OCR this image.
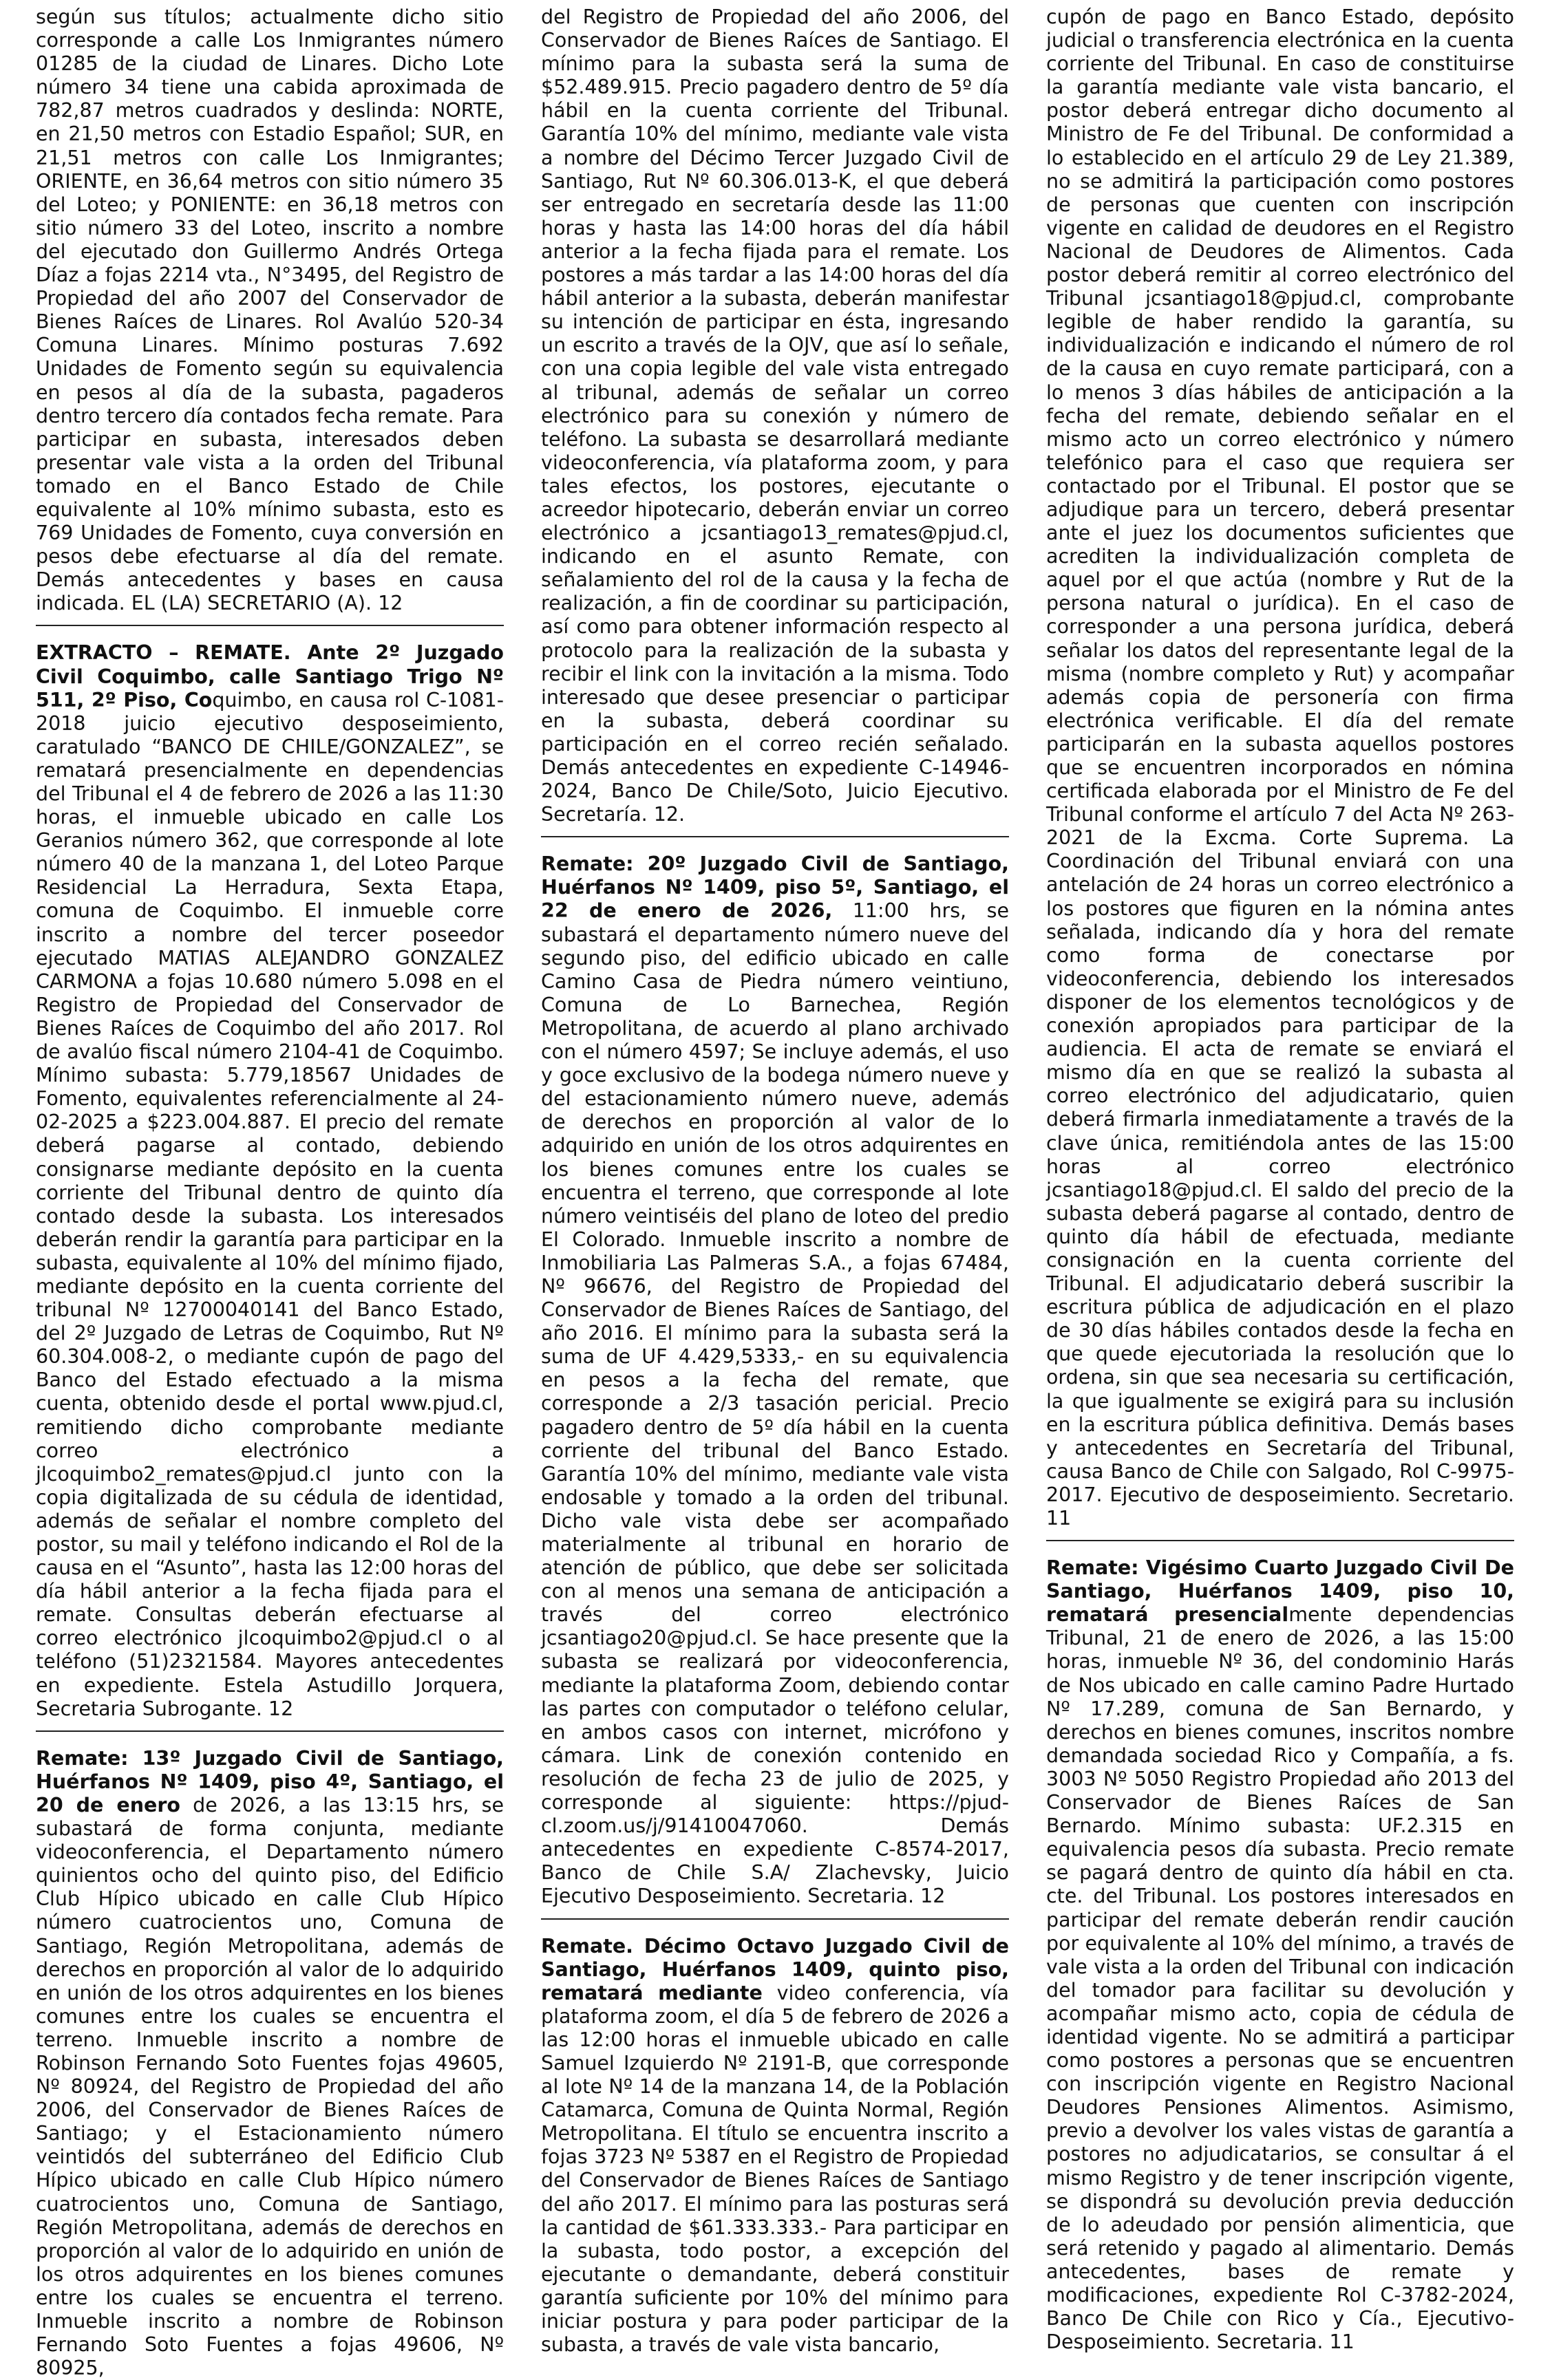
según sus títulos; actualmente dicho sitio corresponde a calle Los Inmigrantes número 01285 de la ciudad de Linares. Dicho Lote número 34 tiene una cabida aproximada de 782,87 metros cuadrados y deslinda: NORTE, en 21,50 metros con Estadio Español; SUR, en 21,51 metros con calle Los Inmigrantes; ORIENTE, en 36,64 metros con sitio número 35 del Loteo; y PONIENTE: en 36,18 metros con sitio número 33 del Loteo, inscrito a nombre del ejecutado don Guillermo Andrés Ortega Díaz a fojas 2214 vta., N°3495, del Registro de Propiedad del año 2007 del Conservador de Bienes Raíces de Linares. Rol Avalúo 520-34 Comuna Linares. Mínimo posturas 7.692 Unidades de Fomento según su equivalencia en pesos al día de la subasta, pagaderos dentro tercero día contados fecha remate. Para participar en subasta, interesados deben presentar vale vista a la orden del Tribunal tomado en el Banco Estado de Chile equivalente al 10% mínimo subasta, esto es 769 Unidades de Fomento, cuya conversión en pesos debe efectuarse al día del remate. Demás antecedentes y bases en causa indicada. EL (LA) SECRETARIO (A). 12

EXTRACTO – REMATE. Ante 2º Juzgado Civil Coquimbo, calle Santiago Trigo Nº 511, 2º Piso, Coquimbo, en causa rol C-1081-2018 juicio ejecutivo desposeimiento, caratulado “BANCO DE CHILE/GONZALEZ”, se rematará presencialmente en dependencias del Tribunal el 4 de febrero de 2026 a las 11:30 horas, el inmueble ubicado en calle Los Geranios número 362, que corresponde al lote número 40 de la manzana 1, del Loteo Parque Residencial La Herradura, Sexta Etapa, comuna de Coquimbo. El inmueble corre inscrito a nombre del tercer poseedor ejecutado MATIAS ALEJANDRO GONZALEZ CARMONA a fojas 10.680 número 5.098 en el Registro de Propiedad del Conservador de Bienes Raíces de Coquimbo del año 2017. Rol de avalúo fiscal número 2104-41 de Coquimbo. Mínimo subasta: 5.779,18567 Unidades de Fomento, equivalentes referencialmente al 24-02-2025 a $223.004.887. El precio del remate deberá pagarse al contado, debiendo consignarse mediante depósito en la cuenta corriente del Tribunal dentro de quinto día contado desde la subasta. Los interesados deberán rendir la garantía para participar en la subasta, equivalente al 10% del mínimo fijado, mediante depósito en la cuenta corriente del tribunal Nº 12700040141 del Banco Estado, del 2º Juzgado de Letras de Coquimbo, Rut Nº 60.304.008-2, o mediante cupón de pago del Banco del Estado efectuado a la misma cuenta, obtenido desde el portal www.pjud.cl, remitiendo dicho comprobante mediante correo electrónico a jlcoquimbo2_remates@pjud.cl junto con la copia digitalizada de su cédula de identidad, además de señalar el nombre completo del postor, su mail y teléfono indicando el Rol de la causa en el “Asunto”, hasta las 12:00 horas del día hábil anterior a la fecha fijada para el remate. Consultas deberán efectuarse al correo electrónico jlcoquimbo2@pjud.cl o al teléfono (51)2321584. Mayores antecedentes en expediente. Estela Astudillo Jorquera, Secretaria Subrogante. 12

Remate: 13º Juzgado Civil de Santiago, Huérfanos Nº 1409, piso 4º, Santiago, el 20 de enero de 2026, a las 13:15 hrs, se subastará de forma conjunta, mediante videoconferencia, el Departamento número quinientos ocho del quinto piso, del Edificio Club Hípico ubicado en calle Club Hípico número cuatrocientos uno, Comuna de Santiago, Región Metropolitana, además de derechos en proporción al valor de lo adquirido en unión de los otros adquirentes en los bienes comunes entre los cuales se encuentra el terreno. Inmueble inscrito a nombre de Robinson Fernando Soto Fuentes fojas 49605, Nº 80924, del Registro de Propiedad del año 2006, del Conservador de Bienes Raíces de Santiago; y el Estacionamiento número veintidós del subterráneo del Edificio Club Hípico ubicado en calle Club Hípico número cuatrocientos uno, Comuna de Santiago, Región Metropolitana, además de derechos en proporción al valor de lo adquirido en unión de los otros adquirentes en los bienes comunes entre los cuales se encuentra el terreno. Inmueble inscrito a nombre de Robinson Fernando Soto Fuentes a fojas 49606, Nº 80925,

del Registro de Propiedad del año 2006, del Conservador de Bienes Raíces de Santiago. El mínimo para la subasta será la suma de $52.489.915. Precio pagadero dentro de 5º día hábil en la cuenta corriente del Tribunal. Garantía 10% del mínimo, mediante vale vista a nombre del Décimo Tercer Juzgado Civil de Santiago, Rut Nº 60.306.013-K, el que deberá ser entregado en secretaría desde las 11:00 horas y hasta las 14:00 horas del día hábil anterior a la fecha fijada para el remate. Los postores a más tardar a las 14:00 horas del día hábil anterior a la subasta, deberán manifestar su intención de participar en ésta, ingresando un escrito a través de la OJV, que así lo señale, con una copia legible del vale vista entregado al tribunal, además de señalar un correo electrónico para su conexión y número de teléfono. La subasta se desarrollará mediante videoconferencia, vía plataforma zoom, y para tales efectos, los postores, ejecutante o acreedor hipotecario, deberán enviar un correo electrónico a jcsantiago13_remates@pjud.cl, indicando en el asunto Remate, con señalamiento del rol de la causa y la fecha de realización, a fin de coordinar su participación, así como para obtener información respecto al protocolo para la realización de la subasta y recibir el link con la invitación a la misma. Todo interesado que desee presenciar o participar en la subasta, deberá coordinar su participación en el correo recién señalado. Demás antecedentes en expediente C-14946-2024, Banco De Chile/Soto, Juicio Ejecutivo. Secretaría. 12.

Remate: 20º Juzgado Civil de Santiago, Huérfanos Nº 1409, piso 5º, Santiago, el 22 de enero de 2026, 11:00 hrs, se subastará el departamento número nueve del segundo piso, del edificio ubicado en calle Camino Casa de Piedra número veintiuno, Comuna de Lo Barnechea, Región Metropolitana, de acuerdo al plano archivado con el número 4597; Se incluye además, el uso y goce exclusivo de la bodega número nueve y del estacionamiento número nueve, además de derechos en proporción al valor de lo adquirido en unión de los otros adquirentes en los bienes comunes entre los cuales se encuentra el terreno, que corresponde al lote número veintiséis del plano de loteo del predio El Colorado. Inmueble inscrito a nombre de Inmobiliaria Las Palmeras S.A., a fojas 67484, Nº 96676, del Registro de Propiedad del Conservador de Bienes Raíces de Santiago, del año 2016. El mínimo para la subasta será la suma de UF 4.429,5333,- en su equivalencia en pesos a la fecha del remate, que corresponde a 2/3 tasación pericial. Precio pagadero dentro de 5º día hábil en la cuenta corriente del tribunal del Banco Estado. Garantía 10% del mínimo, mediante vale vista endosable y tomado a la orden del tribunal. Dicho vale vista debe ser acompañado materialmente al tribunal en horario de atención de público, que debe ser solicitada con al menos una semana de anticipación a través del correo electrónico jcsantiago20@pjud.cl. Se hace presente que la subasta se realizará por videoconferencia, mediante la plataforma Zoom, debiendo contar las partes con computador o teléfono celular, en ambos casos con internet, micrófono y cámara. Link de conexión contenido en resolución de fecha 23 de julio de 2025, y corresponde al siguiente: https://pjud-cl.zoom.us/j/91410047060. Demás antecedentes en expediente C-8574-2017, Banco de Chile S.A/ Zlachevsky, Juicio Ejecutivo Desposeimiento. Secretaria. 12

Remate. Décimo Octavo Juzgado Civil de Santiago, Huérfanos 1409, quinto piso, rematará mediante video conferencia, vía plataforma zoom, el día 5 de febrero de 2026 a las 12:00 horas el inmueble ubicado en calle Samuel Izquierdo Nº 2191-B, que corresponde al lote Nº 14 de la manzana 14, de la Población Catamarca, Comuna de Quinta Normal, Región Metropolitana. El título se encuentra inscrito a fojas 3723 Nº 5387 en el Registro de Propiedad del Conservador de Bienes Raíces de Santiago del año 2017. El mínimo para las posturas será la cantidad de $61.333.333.- Para participar en la subasta, todo postor, a excepción del ejecutante o demandante, deberá constituir garantía suficiente por 10% del mínimo para iniciar postura y para poder participar de la subasta, a través de vale vista bancario,

cupón de pago en Banco Estado, depósito judicial o transferencia electrónica en la cuenta corriente del Tribunal. En caso de constituirse la garantía mediante vale vista bancario, el postor deberá entregar dicho documento al Ministro de Fe del Tribunal. De conformidad a lo establecido en el artículo 29 de Ley 21.389, no se admitirá la participación como postores de personas que cuenten con inscripción vigente en calidad de deudores en el Registro Nacional de Deudores de Alimentos. Cada postor deberá remitir al correo electrónico del Tribunal jcsantiago18@pjud.cl, comprobante legible de haber rendido la garantía, su individualización e indicando el número de rol de la causa en cuyo remate participará, con a lo menos 3 días hábiles de anticipación a la fecha del remate, debiendo señalar en el mismo acto un correo electrónico y número telefónico para el caso que requiera ser contactado por el Tribunal. El postor que se adjudique para un tercero, deberá presentar ante el juez los documentos suficientes que acrediten la individualización completa de aquel por el que actúa (nombre y Rut de la persona natural o jurídica). En el caso de corresponder a una persona jurídica, deberá señalar los datos del representante legal de la misma (nombre completo y Rut) y acompañar además copia de personería con firma electrónica verificable. El día del remate participarán en la subasta aquellos postores que se encuentren incorporados en nómina certificada elaborada por el Ministro de Fe del Tribunal conforme el artículo 7 del Acta Nº 263-2021 de la Excma. Corte Suprema. La Coordinación del Tribunal enviará con una antelación de 24 horas un correo electrónico a los postores que figuren en la nómina antes señalada, indicando día y hora del remate como forma de conectarse por videoconferencia, debiendo los interesados disponer de los elementos tecnológicos y de conexión apropiados para participar de la audiencia. El acta de remate se enviará el mismo día en que se realizó la subasta al correo electrónico del adjudicatario, quien deberá firmarla inmediatamente a través de la clave única, remitiéndola antes de las 15:00 horas al correo electrónico jcsantiago18@pjud.cl. El saldo del precio de la subasta deberá pagarse al contado, dentro de quinto día hábil de efectuada, mediante consignación en la cuenta corriente del Tribunal. El adjudicatario deberá suscribir la escritura pública de adjudicación en el plazo de 30 días hábiles contados desde la fecha en que quede ejecutoriada la resolución que lo ordena, sin que sea necesaria su certificación, la que igualmente se exigirá para su inclusión en la escritura pública definitiva. Demás bases y antecedentes en Secretaría del Tribunal, causa Banco de Chile con Salgado, Rol C-9975-2017. Ejecutivo de desposeimiento. Secretario. 11

Remate: Vigésimo Cuarto Juzgado Civil De Santiago, Huérfanos 1409, piso 10, rematará presencialmente dependencias Tribunal, 21 de enero de 2026, a las 15:00 horas, inmueble Nº 36, del condominio Harás de Nos ubicado en calle camino Padre Hurtado Nº 17.289, comuna de San Bernardo, y derechos en bienes comunes, inscritos nombre demandada sociedad Rico y Compañía, a fs. 3003 Nº 5050 Registro Propiedad año 2013 del Conservador de Bienes Raíces de San Bernardo. Mínimo subasta: UF.2.315 en equivalencia pesos día subasta. Precio remate se pagará dentro de quinto día hábil en cta. cte. del Tribunal. Los postores interesados en participar del remate deberán rendir caución por equivalente al 10% del mínimo, a través de vale vista a la orden del Tribunal con indicación del tomador para facilitar su devolución y acompañar mismo acto, copia de cédula de identidad vigente. No se admitirá a participar como postores a personas que se encuentren con inscripción vigente en Registro Nacional Deudores Pensiones Alimentos. Asimismo, previo a devolver los vales vistas de garantía a postores no adjudicatarios, se consultar á el mismo Registro y de tener inscripción vigente, se dispondrá su devolución previa deducción de lo adeudado por pensión alimenticia, que será retenido y pagado al alimentario. Demás antecedentes, bases de remate y modificaciones, expediente Rol C-3782-2024, Banco De Chile con Rico y Cía., Ejecutivo-Desposeimiento. Secretaria. 11
